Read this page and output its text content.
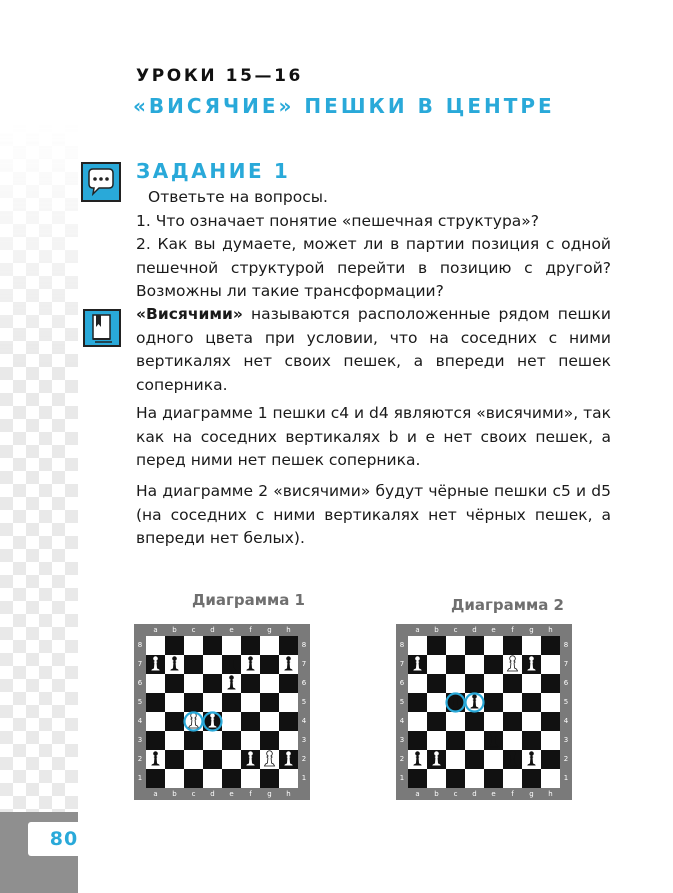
80
УРОКИ 15—16
«ВИСЯЧИЕ» ПЕШКИ В ЦЕНТРЕ
ЗАДАНИЕ 1
Ответьте на вопросы.
1. Что означает понятие «пешечная структура»?
2. Как вы думаете, может ли в партии позиция с одной пешечной структурой перейти в позицию с другой? Возможны ли такие трансформации?
«Висячими» называются расположенные рядом пешки одного цвета при условии, что на соседних с ними вертикалях нет своих пешек, а впереди нет пешек соперника.
На диаграмме 1 пешки c4 и d4 являются «висячими», так как на соседних вертикалях b и e нет своих пешек, а перед ними нет пешек соперника.
На диаграмме 2 «висячими» будут чёрные пешки c5 и d5 (на соседних с ними вертикалях нет чёрных пешек, а впереди нет белых).
Диаграмма 1	Диаграмма 2
a
a
b
b
c
c
d
d
e
e
f
f
g
g
h
h
8	8
7	7
6	6
5	5
4	4
3	3
2	2
1	1
a
a
b
b
c
c
d
d
e
e
f
f
g
g
h
h
8	8
7	7
6	6
5	5
4	4
3	3
2	2
1	1
